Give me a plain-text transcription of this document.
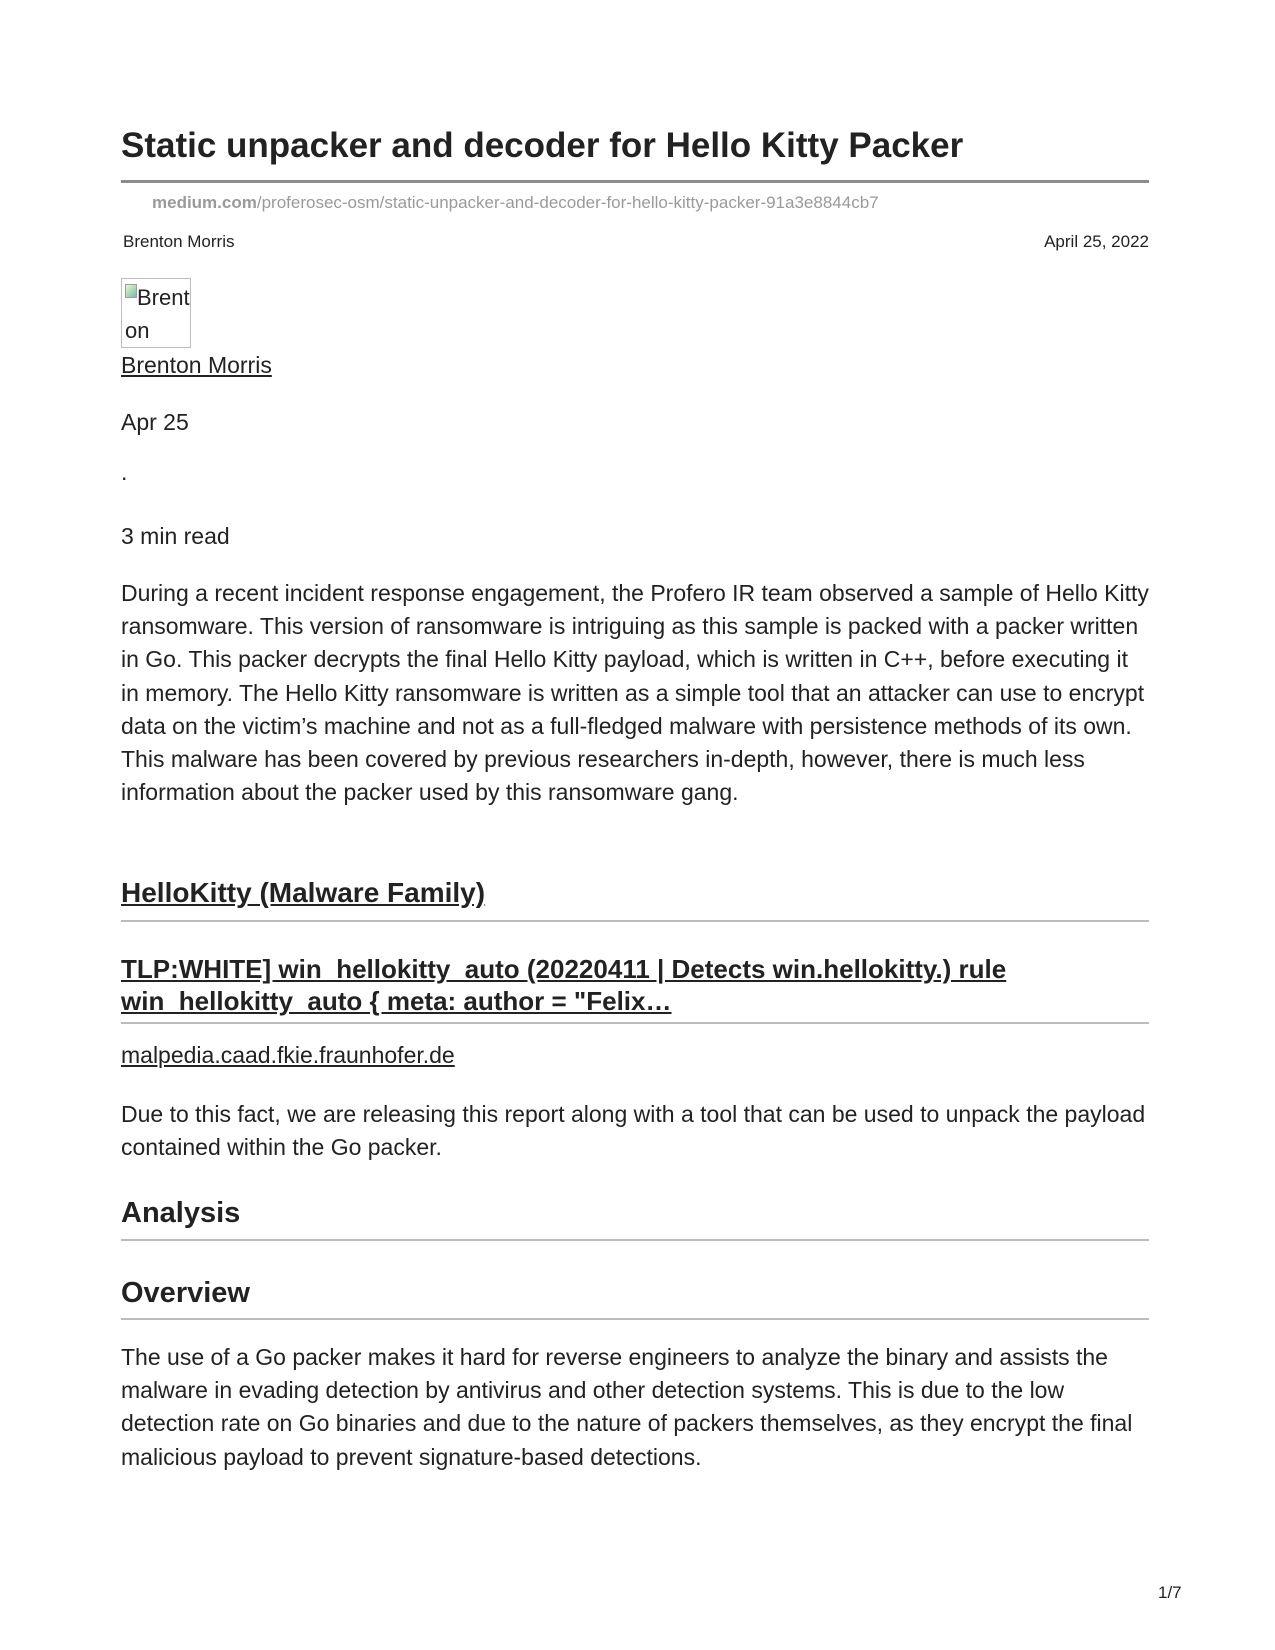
Static unpacker and decoder for Hello Kitty Packer
medium.com/proferosec-osm/static-unpacker-and-decoder-for-hello-kitty-packer-91a3e8844cb7
Brenton Morris	April 25, 2022
Brenton
Brenton Morris
Apr 25
.
3 min read

During a recent incident response engagement, the Profero IR team observed a sample of Hello Kitty ransomware. This version of ransomware is intriguing as this sample is packed with a packer written in Go. This packer decrypts the final Hello Kitty payload, which is written in C++, before executing it in memory. The Hello Kitty ransomware is written as a simple tool that an attacker can use to encrypt data on the victim’s machine and not as a full-fledged malware with persistence methods of its own. This malware has been covered by previous researchers in-depth, however, there is much less information about the packer used by this ransomware gang.

HelloKitty (Malware Family)
TLP:WHITE] win_hellokitty_auto (20220411 | Detects win.hellokitty.) rule win_hellokitty_auto { meta: author = "Felix…
malpedia.caad.fkie.fraunhofer.de

Due to this fact, we are releasing this report along with a tool that can be used to unpack the payload contained within the Go packer.

Analysis
Overview

The use of a Go packer makes it hard for reverse engineers to analyze the binary and assists the malware in evading detection by antivirus and other detection systems. This is due to the low detection rate on Go binaries and due to the nature of packers themselves, as they encrypt the final malicious payload to prevent signature-based detections.

1/7
